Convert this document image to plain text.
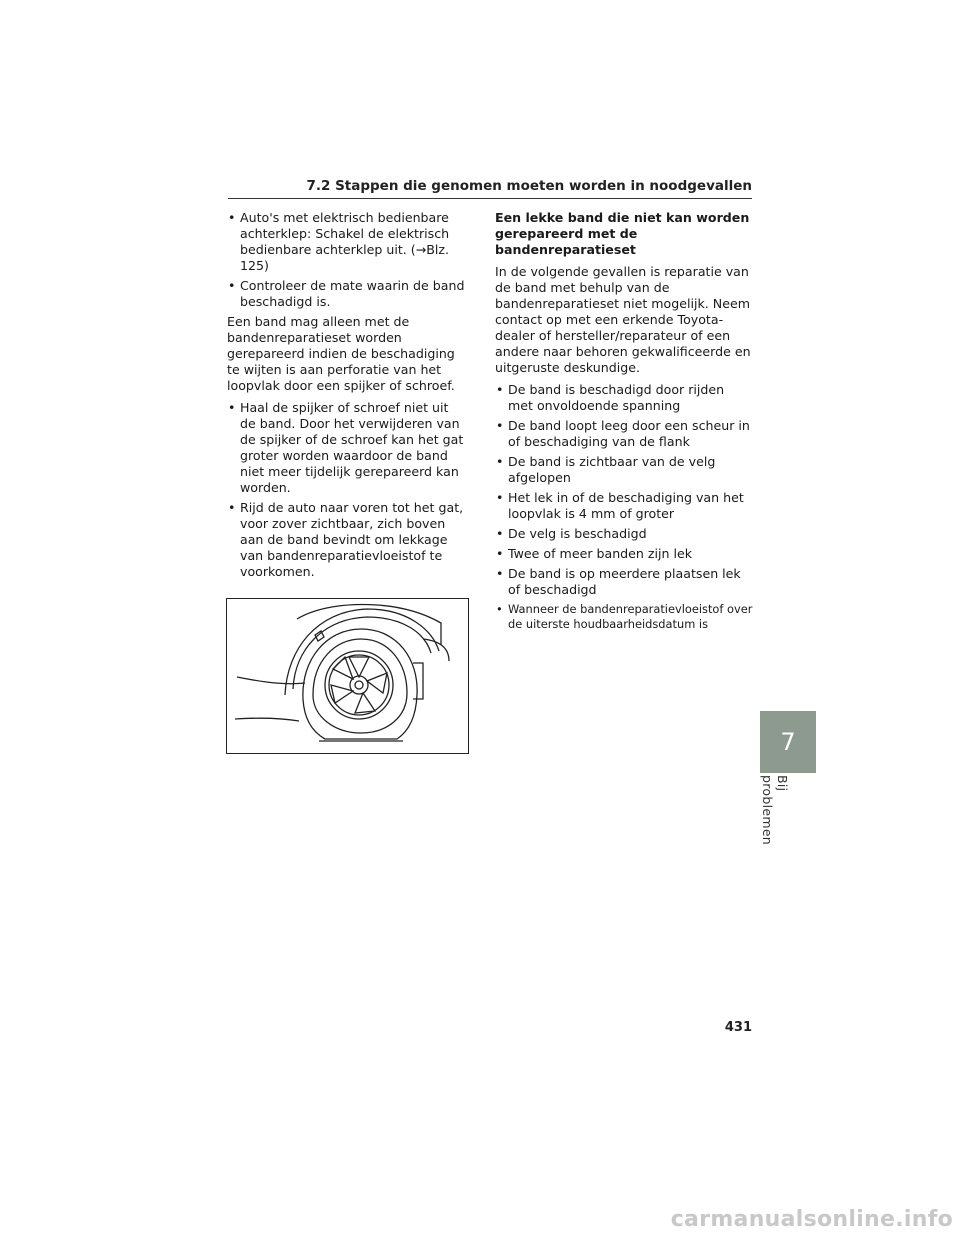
7.2 Stappen die genomen moeten worden in noodgevallen
• Auto's met elektrisch bedienbare achterklep: Schakel de elektrisch bedienbare achterklep uit. (→Blz. 125)
• Controleer de mate waarin de band beschadigd is.
Een band mag alleen met de bandenreparatieset worden gerepareerd indien de beschadiging te wijten is aan perforatie van het loopvlak door een spijker of schroef.
• Haal de spijker of schroef niet uit de band. Door het verwijderen van de spijker of de schroef kan het gat groter worden waardoor de band niet meer tijdelijk gerepareerd kan worden.
• Rijd de auto naar voren tot het gat, voor zover zichtbaar, zich boven aan de band bevindt om lekkage van bandenreparatievloeistof te voorkomen.
Een lekke band die niet kan worden gerepareerd met de bandenreparatieset
In de volgende gevallen is reparatie van de band met behulp van de bandenreparatieset niet mogelijk. Neem contact op met een erkende Toyota-dealer of hersteller/reparateur of een andere naar behoren gekwalificeerde en uitgeruste deskundige.
• De band is beschadigd door rijden met onvoldoende spanning
• De band loopt leeg door een scheur in of beschadiging van de flank
• De band is zichtbaar van de velg afgelopen
• Het lek in of de beschadiging van het loopvlak is 4 mm of groter
• De velg is beschadigd
• Twee of meer banden zijn lek
• De band is op meerdere plaatsen lek of beschadigd
• Wanneer de bandenreparatievloeistof over de uiterste houdbaarheidsdatum is
7
Bij problemen
431
carmanualsonline.info
